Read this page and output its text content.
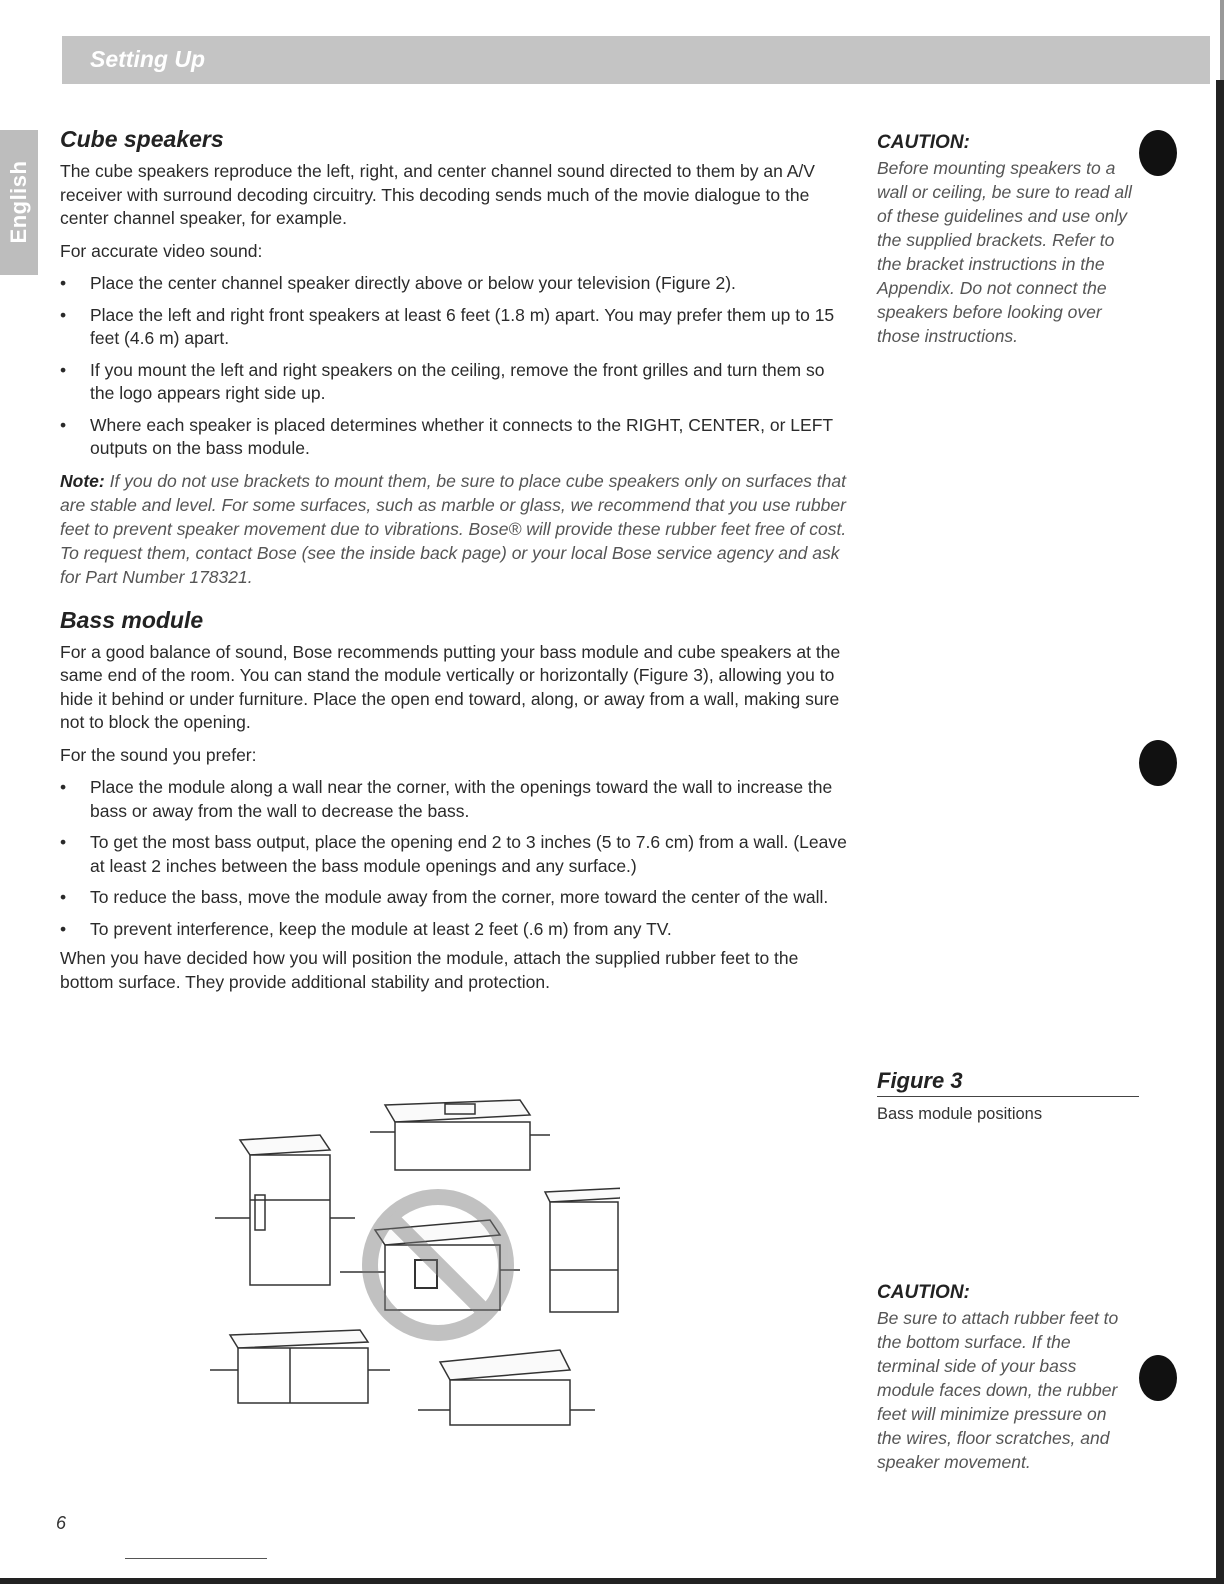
Setting Up
English
Cube speakers

The cube speakers reproduce the left, right, and center channel sound directed to them by an A/V receiver with surround decoding circuitry. This decoding sends much of the movie dialogue to the center channel speaker, for example.

For accurate video sound:

• Place the center channel speaker directly above or below your television (Figure 2).
• Place the left and right front speakers at least 6 feet (1.8 m) apart. You may prefer them up to 15 feet (4.6 m) apart.
• If you mount the left and right speakers on the ceiling, remove the front grilles and turn them so the logo appears right side up.
• Where each speaker is placed determines whether it connects to the RIGHT, CENTER, or LEFT outputs on the bass module.

Note: If you do not use brackets to mount them, be sure to place cube speakers only on surfaces that are stable and level. For some surfaces, such as marble or glass, we recommend that you use rubber feet to prevent speaker movement due to vibrations. Bose® will provide these rubber feet free of cost. To request them, contact Bose (see the inside back page) or your local Bose service agency and ask for Part Number 178321.

Bass module

For a good balance of sound, Bose recommends putting your bass module and cube speakers at the same end of the room. You can stand the module vertically or horizontally (Figure 3), allowing you to hide it behind or under furniture. Place the open end toward, along, or away from a wall, making sure not to block the opening.

For the sound you prefer:

• Place the module along a wall near the corner, with the openings toward the wall to increase the bass or away from the wall to decrease the bass.
• To get the most bass output, place the opening end 2 to 3 inches (5 to 7.6 cm) from a wall. (Leave at least 2 inches between the bass module openings and any surface.)
• To reduce the bass, move the module away from the corner, more toward the center of the wall.
• To prevent interference, keep the module at least 2 feet (.6 m) from any TV.

When you have decided how you will position the module, attach the supplied rubber feet to the bottom surface. They provide additional stability and protection.

CAUTION:
Before mounting speakers to a wall or ceiling, be sure to read all of these guidelines and use only the supplied brackets. Refer to the bracket instructions in the Appendix. Do not connect the speakers before looking over those instructions.
Figure 3
Bass module positions
CAUTION:
Be sure to attach rubber feet to the bottom surface. If the terminal side of your bass module faces down, the rubber feet will minimize pressure on the wires, floor scratches, and speaker movement.
6
